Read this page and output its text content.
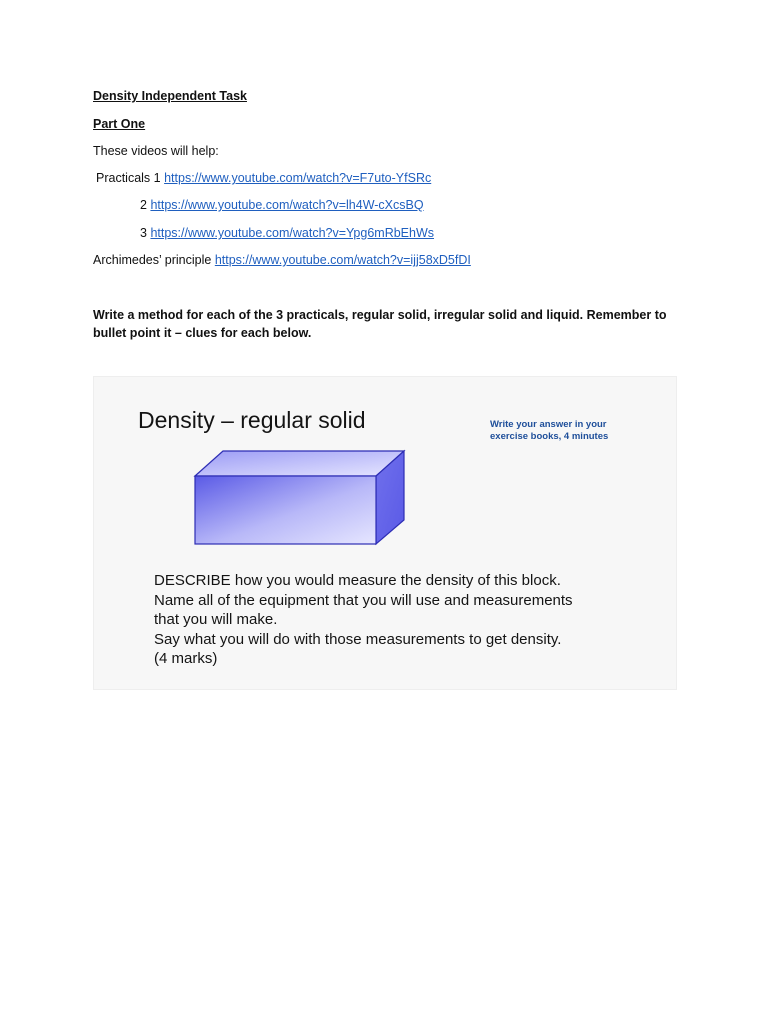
Density Independent Task
Part One
These videos will help:
Practicals 1 https://www.youtube.com/watch?v=F7uto-YfSRc
2 https://www.youtube.com/watch?v=lh4W-cXcsBQ
3 https://www.youtube.com/watch?v=Ypg6mRbEhWs
Archimedes’ principle https://www.youtube.com/watch?v=ijj58xD5fDI
Write a method for each of the 3 practicals, regular solid, irregular solid and liquid. Remember to bullet point it – clues for each below.
Density – regular solid	Write your answer in your
exercise books, 4 minutes
DESCRIBE how you would measure the density of this block.
Name all of the equipment that you will use and measurements
that you will make.
Say what you will do with those measurements to get density.
(4 marks)
